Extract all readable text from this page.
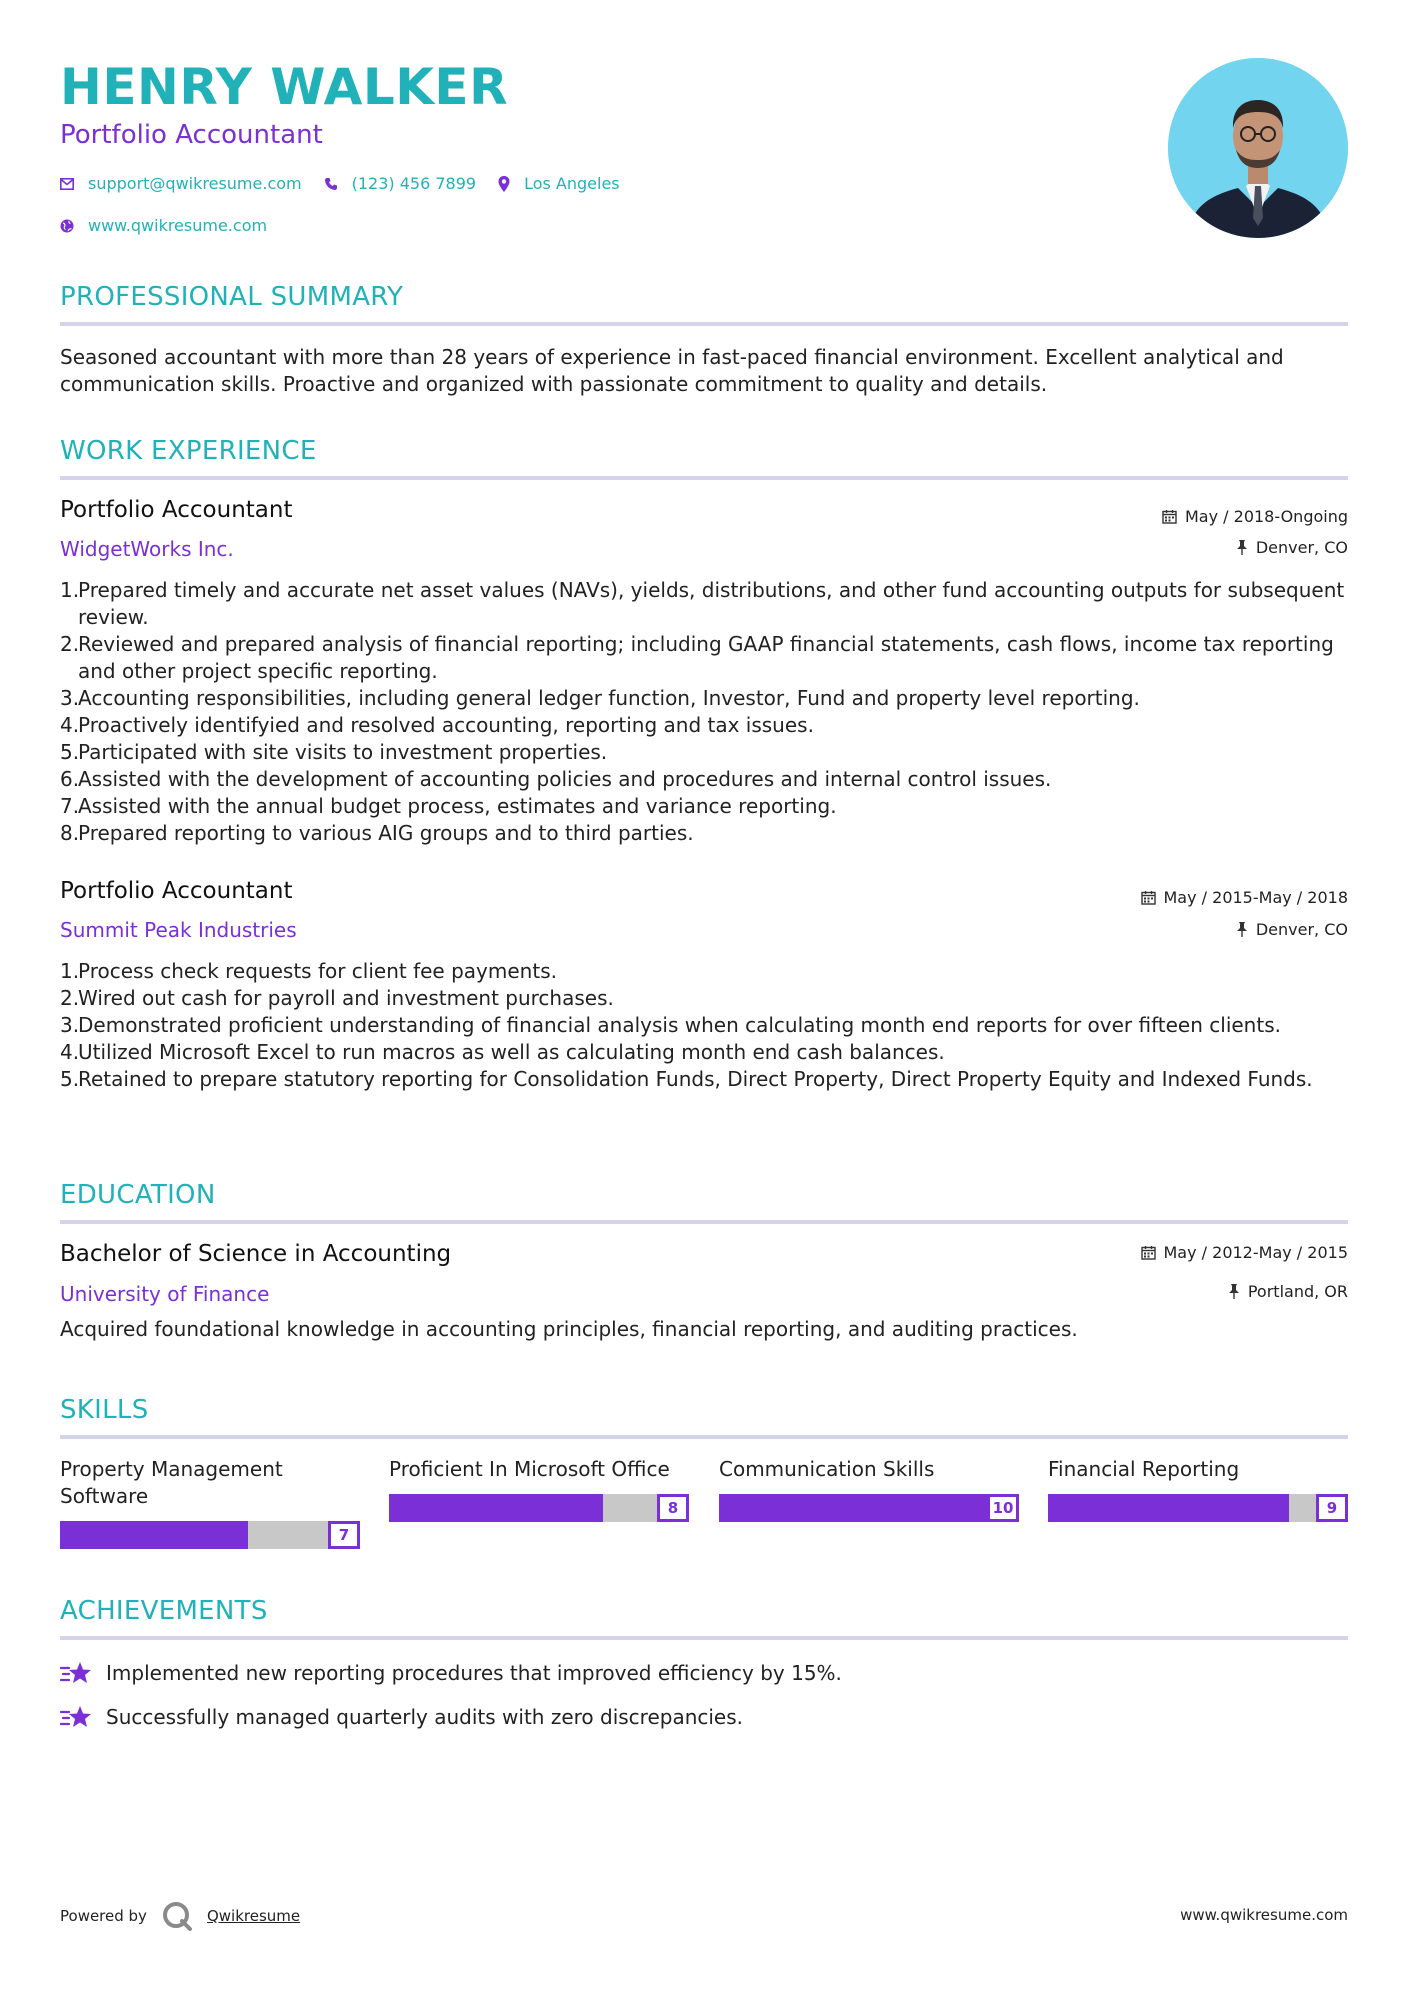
HENRY WALKER
Portfolio Accountant
support@qwikresume.com	(123) 456 7899	Los Angeles
www.qwikresume.com
PROFESSIONAL SUMMARY
Seasoned accountant with more than 28 years of experience in fast-paced financial environment. Excellent analytical and communication skills. Proactive and organized with passionate commitment to quality and details.
WORK EXPERIENCE
Portfolio Accountant
WidgetWorks Inc.
May / 2018-Ongoing
Denver, CO
1.
Prepared timely and accurate net asset values (NAVs), yields, distributions, and other fund accounting outputs for subsequent review.
2.
Reviewed and prepared analysis of financial reporting; including GAAP financial statements, cash flows, income tax reporting and other project specific reporting.
3.
Accounting responsibilities, including general ledger function, Investor, Fund and property level reporting.
4.
Proactively identifyied and resolved accounting, reporting and tax issues.
5.
Participated with site visits to investment properties.
6.
Assisted with the development of accounting policies and procedures and internal control issues.
7.
Assisted with the annual budget process, estimates and variance reporting.
8.
Prepared reporting to various AIG groups and to third parties.
Portfolio Accountant
Summit Peak Industries
May / 2015-May / 2018
Denver, CO
1.
Process check requests for client fee payments.
2.
Wired out cash for payroll and investment purchases.
3.
Demonstrated proficient understanding of financial analysis when calculating month end reports for over fifteen clients.
4.
Utilized Microsoft Excel to run macros as well as calculating month end cash balances.
5.
Retained to prepare statutory reporting for Consolidation Funds, Direct Property, Direct Property Equity and Indexed Funds.
EDUCATION
Bachelor of Science in Accounting
University of Finance
May / 2012-May / 2015
Portland, OR
Acquired foundational knowledge in accounting principles, financial reporting, and auditing practices.
SKILLS
Property Management Software
7
Proficient In Microsoft Office
8
Communication Skills
10
Financial Reporting
9
ACHIEVEMENTS
Implemented new reporting procedures that improved efficiency by 15%.
Successfully managed quarterly audits with zero discrepancies.
Powered by	Qwikresume	www.qwikresume.com
